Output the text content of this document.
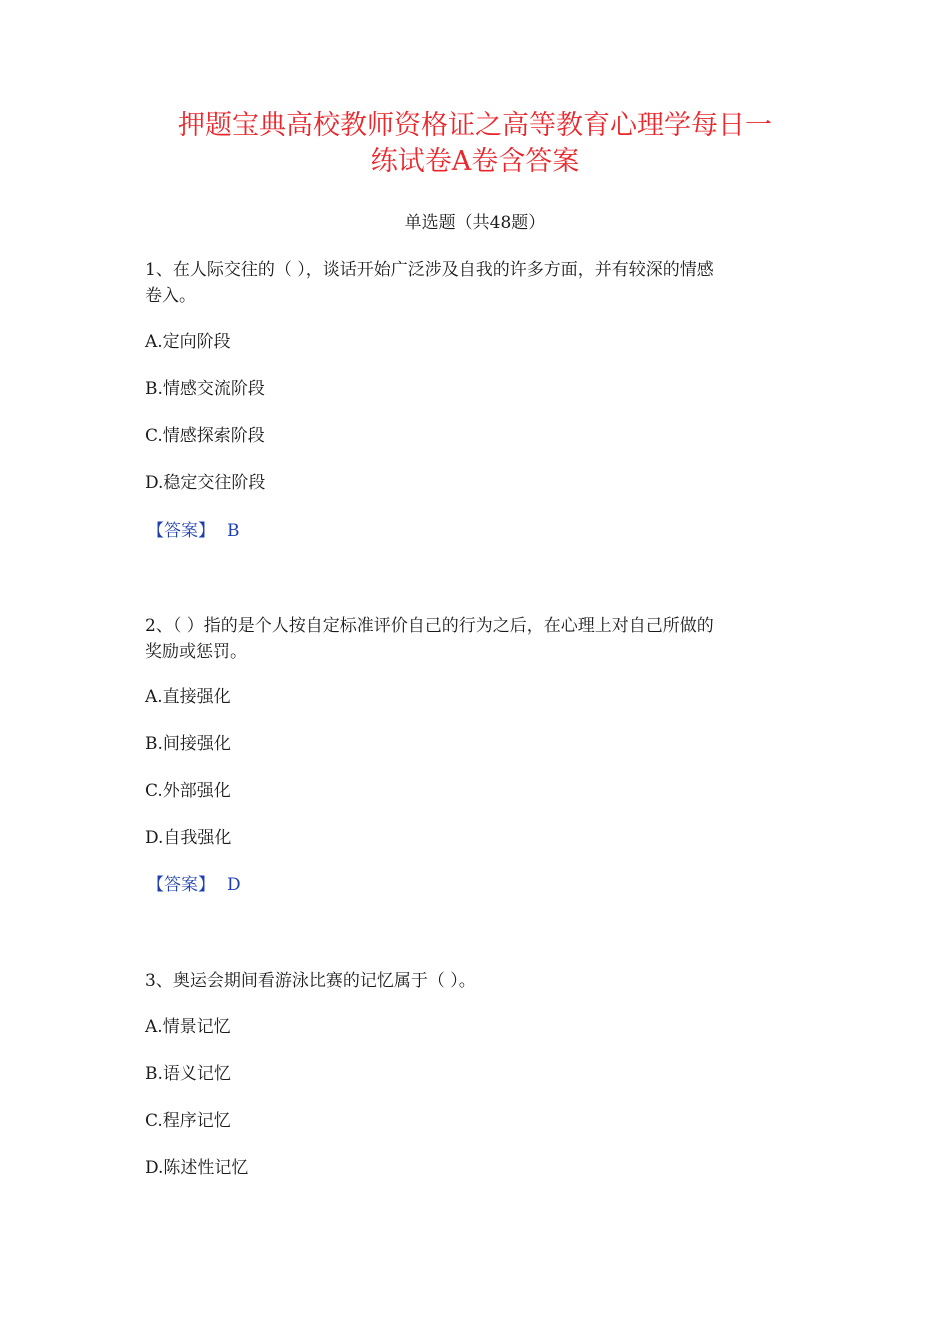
押题宝典高校教师资格证之高等教育心理学每日一
练试卷A卷含答案
单选题（共48题）
1、在人际交往的（ ），谈话开始广泛涉及自我的许多方面，并有较深的情感
卷入。
A.定向阶段
B.情感交流阶段
C.情感探索阶段
D.稳定交往阶段
【答案】 B
2、（ ）指的是个人按自定标准评价自己的行为之后，在心理上对自己所做的
奖励或惩罚。
A.直接强化
B.间接强化
C.外部强化
D.自我强化
【答案】 D
3、奥运会期间看游泳比赛的记忆属于（ ）。
A.情景记忆
B.语义记忆
C.程序记忆
D.陈述性记忆
